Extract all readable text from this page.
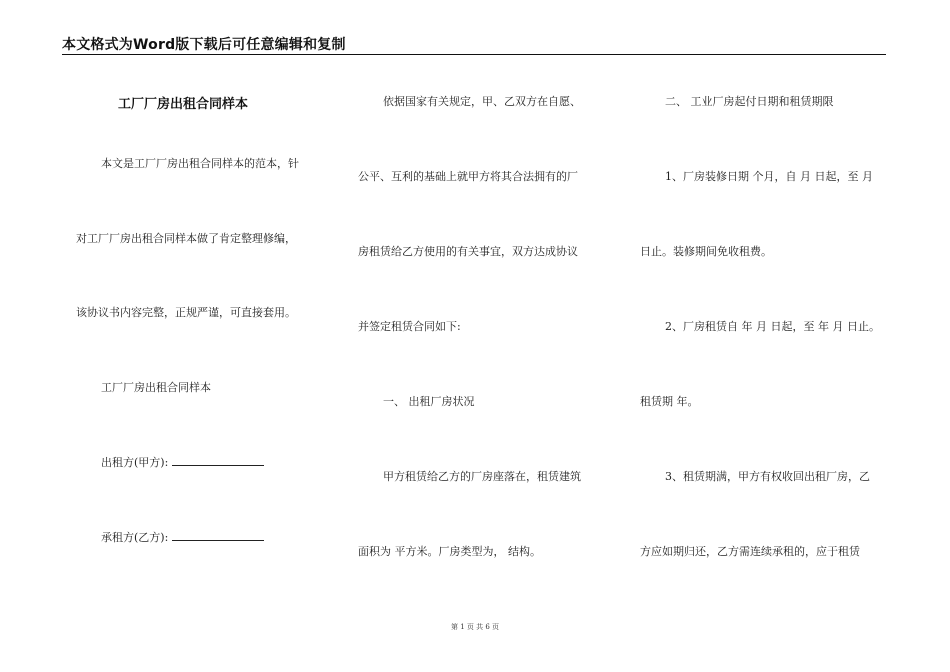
本文格式为Word版下载后可任意编辑和复制
工厂厂房出租合同样本
本文是工厂厂房出租合同样本的范本，针
对工厂厂房出租合同样本做了肯定整理修编，
该协议书内容完整，正规严谨，可直接套用。
工厂厂房出租合同样本
出租方(甲方):
承租方(乙方):
依据国家有关规定，甲、乙双方在自愿、
公平、互利的基础上就甲方将其合法拥有的厂
房租赁给乙方使用的有关事宜，双方达成协议
并签定租赁合同如下:
一、 出租厂房状况
甲方租赁给乙方的厂房座落在，租赁建筑
面积为 平方米。厂房类型为， 结构。
二、 工业厂房起付日期和租赁期限
1、厂房装修日期 个月，自 月 日起，至 月
日止。装修期间免收租费。
2、厂房租赁自 年 月 日起，至 年 月 日止。
租赁期 年。
3、租赁期满，甲方有权收回出租厂房，乙
方应如期归还，乙方需连续承租的，应于租赁
第 1 页 共 6 页
